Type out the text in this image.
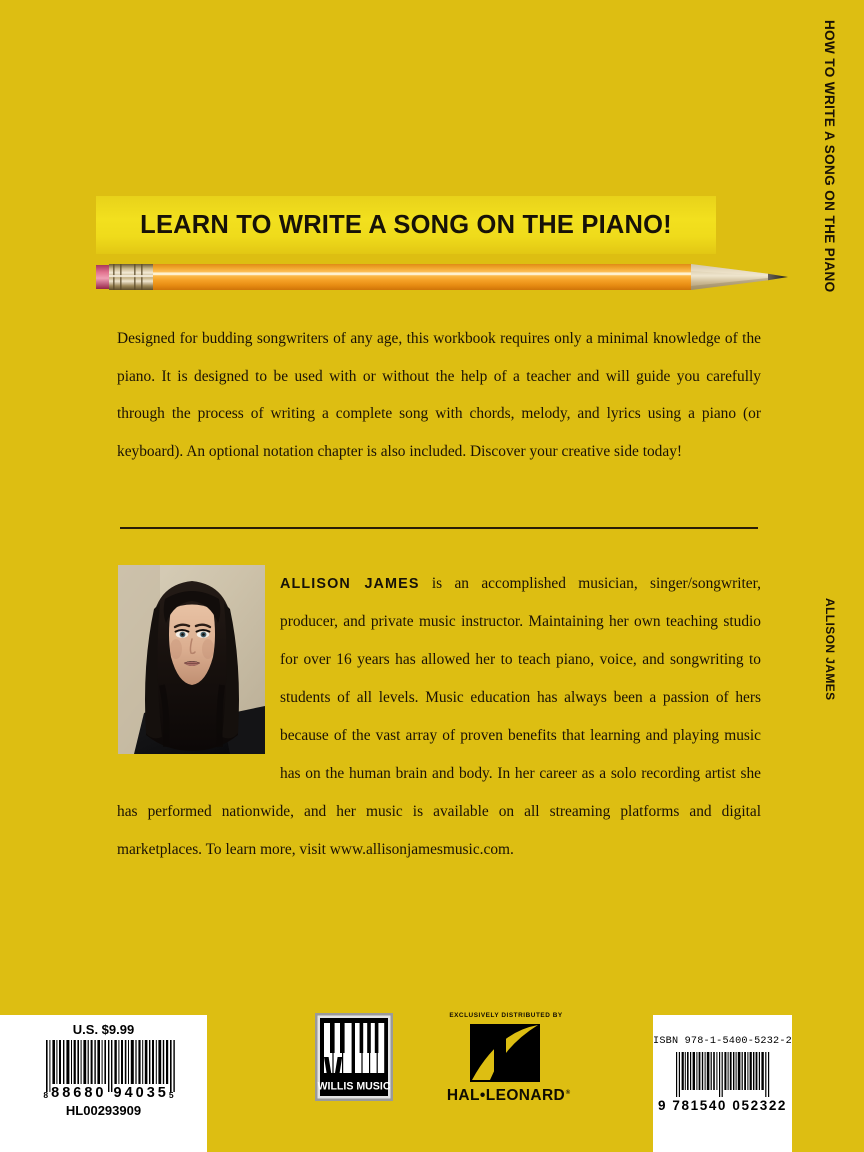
HOW TO WRITE A SONG ON THE PIANO
ALLISON JAMES
LEARN TO WRITE A SONG ON THE PIANO!

Designed for budding songwriters of any age, this workbook requires only a minimal knowledge of the piano. It is designed to be used with or without the help of a teacher and will guide you carefully through the process of writing a complete song with chords, melody, and lyrics using a piano (or keyboard). An optional notation chapter is also included. Discover your creative side today!

ALLISON JAMES is an accomplished musician, singer/songwriter, producer, and private music instructor. Maintaining her own teaching studio for over 16 years has allowed her to teach piano, voice, and songwriting to students of all levels. Music education has always been a passion of hers because of the vast array of proven benefits that learning and playing music has on the human brain and body. In her career as a solo recording artist she has performed nationwide, and her music is available on all streaming platforms and digital marketplaces. To learn more, visit www.allisonjamesmusic.com.

U.S. $9.99
8 88680 94035 5
HL00293909
ISBN 978-1-5400-5232-2
9 781540 052322
WILLIS MUSIC
EXCLUSIVELY DISTRIBUTED BY
HAL•LEONARD ®
